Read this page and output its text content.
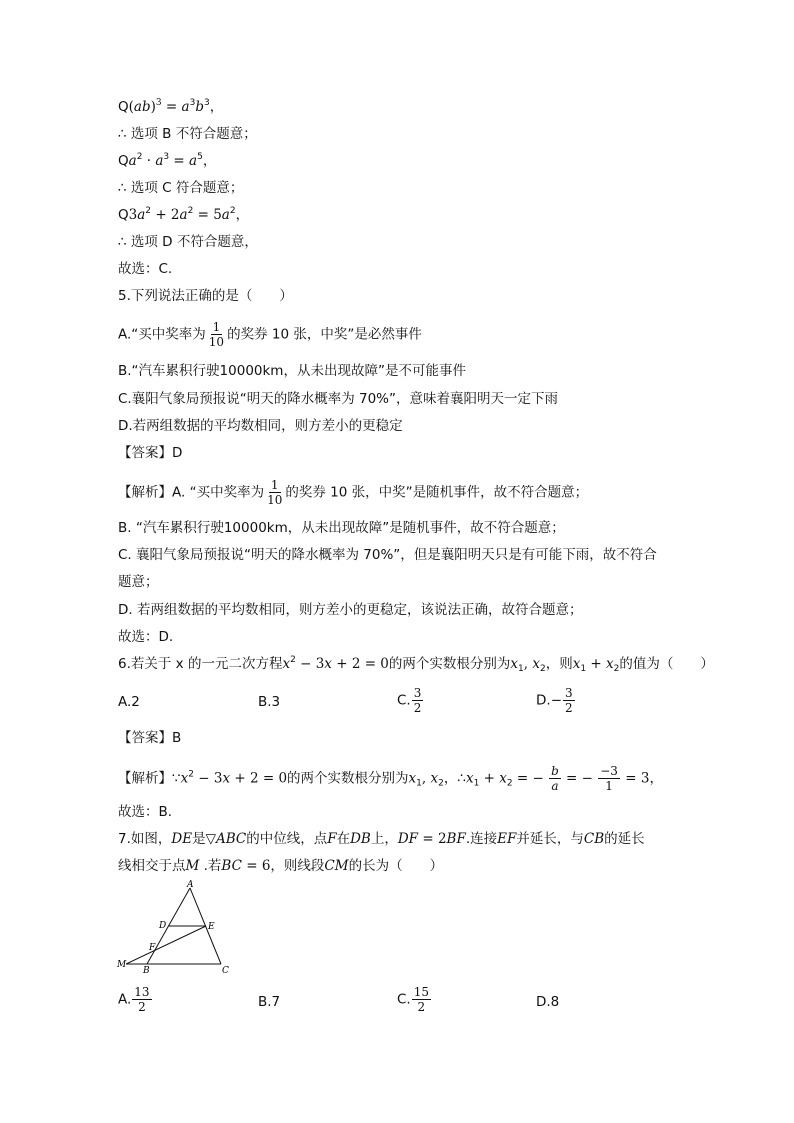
$Q(ab)^3 = a^3b^3$，
∴ 选项 B 不符合题意；
$Qa^2 \cdot a^3 = a^5$，
∴ 选项 C 符合题意；
$Q3a^2 + 2a^2 = 5a^2$，
∴ 选项 D 不符合题意，
故选：C.
5.下列说法正确的是（　　）
A.“买中奖率为 $\frac{1}{10}$ 的奖券 10 张，中奖”是必然事件
B.“汽车累积行驶10000km，从未出现故障”是不可能事件
C.襄阳气象局预报说“明天的降水概率为 70%”，意味着襄阳明天一定下雨
D.若两组数据的平均数相同，则方差小的更稳定
【答案】D
【解析】A. “买中奖率为 $\frac{1}{10}$ 的奖券 10 张，中奖”是随机事件，故不符合题意；
B. “汽车累积行驶10000km，从未出现故障”是随机事件，故不符合题意；
C. 襄阳气象局预报说“明天的降水概率为 70%”，但是襄阳明天只是有可能下雨，故不符合
题意；
D. 若两组数据的平均数相同，则方差小的更稳定，该说法正确，故符合题意；
故选：D.
6.若关于 x 的一元二次方程$x^2 - 3x + 2 = 0$的两个实数根分别为$x_1$, $x_2$，则$x_1 + x_2$的值为（　　）
A.2	B.3	C. $\frac{3}{2}$	$D.- \frac{3}{2}$
【答案】B
【解析】$\because x^2 - 3x + 2 = 0$的两个实数根分别为$x_1$, $x_2$，$\therefore x_1 + x_2$ = − $\frac{b}{a}$ = − $\frac{-3}{1} = 3$，
故选：B.
7.如图，DE是▽ABC的中位线，点F在DB上，DF = 2BF.连接EF并延长，与CB的延长
线相交于点M .若BC = 6，则线段CM的长为（　　）
A
D	E
F
M
B	C
A. $\frac{13}{2}$	B.7	C. $\frac{15}{2}$	D.8
